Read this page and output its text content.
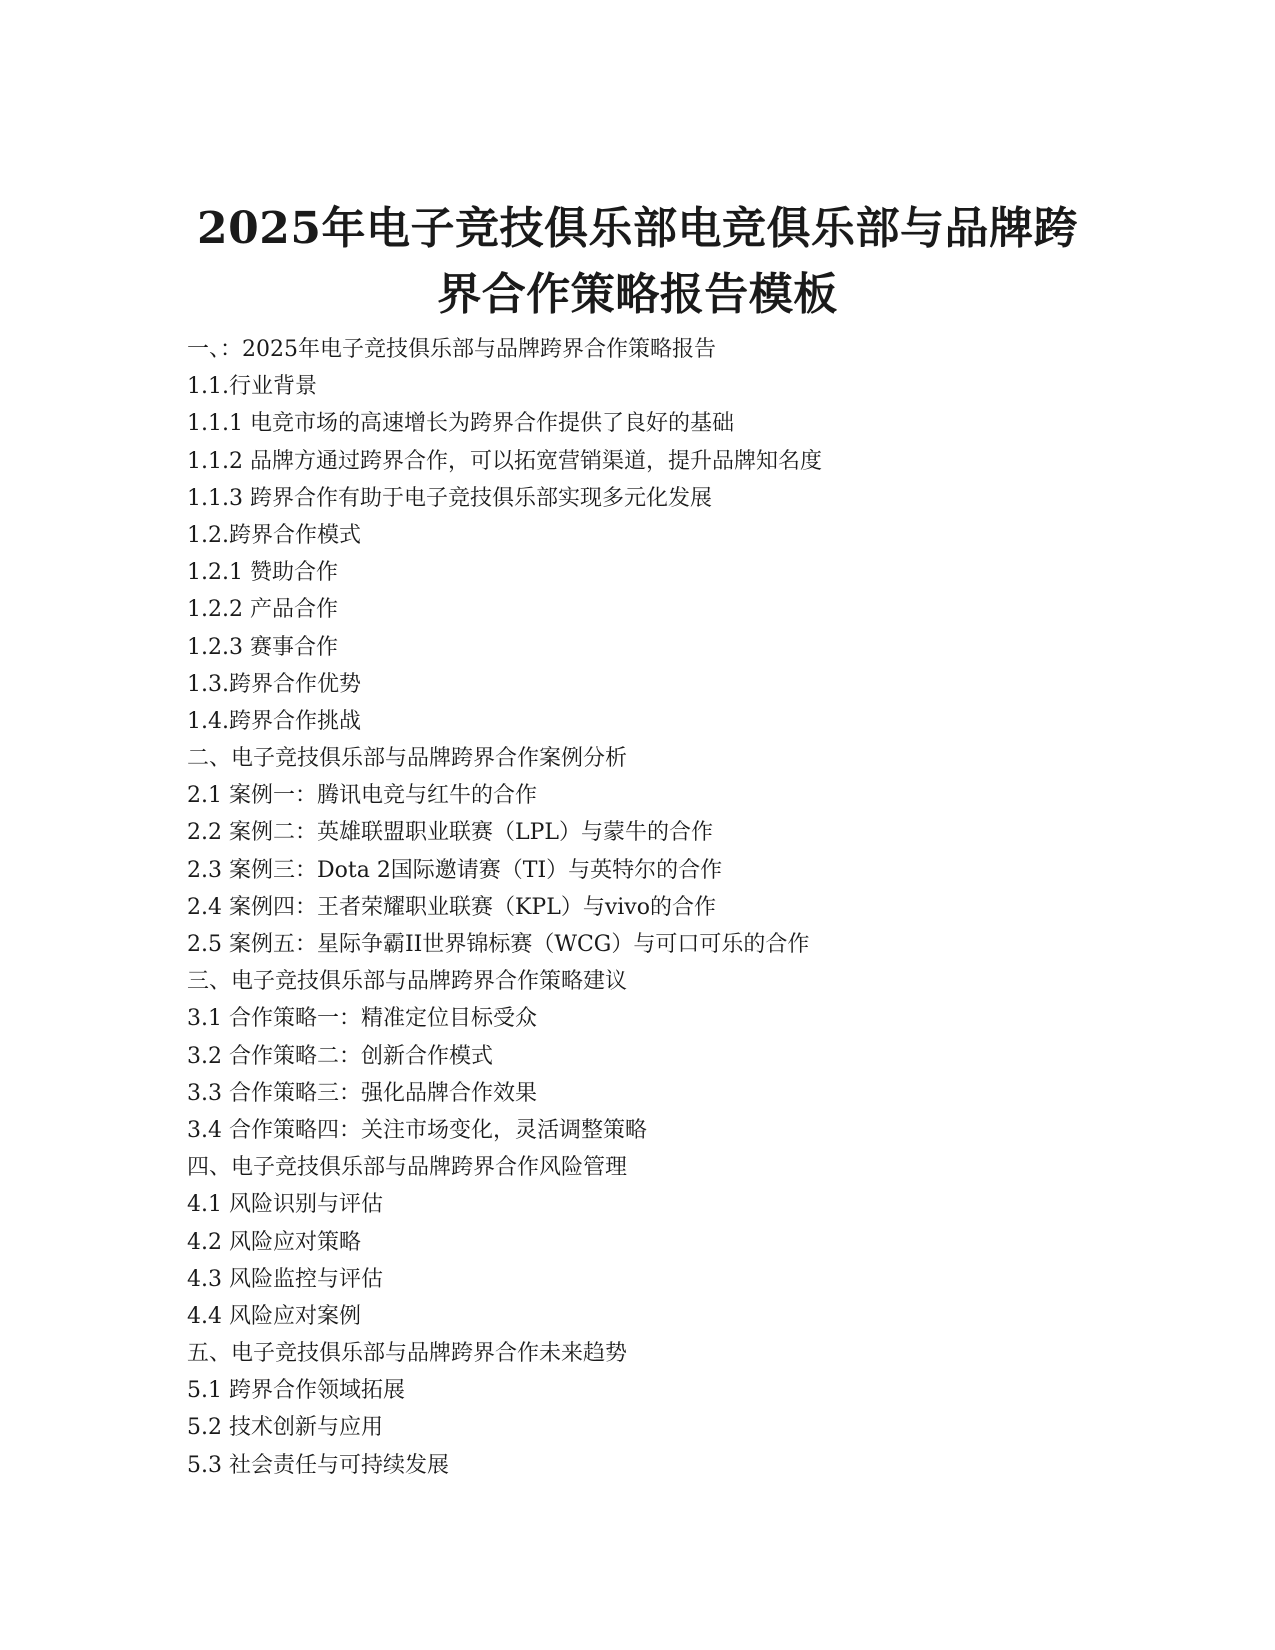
2025年电子竞技俱乐部电竞俱乐部与品牌跨
界合作策略报告模板
一、：2025年电子竞技俱乐部与品牌跨界合作策略报告
1.1.行业背景
1.1.1 电竞市场的高速增长为跨界合作提供了良好的基础
1.1.2 品牌方通过跨界合作，可以拓宽营销渠道，提升品牌知名度
1.1.3 跨界合作有助于电子竞技俱乐部实现多元化发展
1.2.跨界合作模式
1.2.1 赞助合作
1.2.2 产品合作
1.2.3 赛事合作
1.3.跨界合作优势
1.4.跨界合作挑战
二、电子竞技俱乐部与品牌跨界合作案例分析
2.1 案例一：腾讯电竞与红牛的合作
2.2 案例二：英雄联盟职业联赛（LPL）与蒙牛的合作
2.3 案例三：Dota 2国际邀请赛（TI）与英特尔的合作
2.4 案例四：王者荣耀职业联赛（KPL）与vivo的合作
2.5 案例五：星际争霸II世界锦标赛（WCG）与可口可乐的合作
三、电子竞技俱乐部与品牌跨界合作策略建议
3.1 合作策略一：精准定位目标受众
3.2 合作策略二：创新合作模式
3.3 合作策略三：强化品牌合作效果
3.4 合作策略四：关注市场变化，灵活调整策略
四、电子竞技俱乐部与品牌跨界合作风险管理
4.1 风险识别与评估
4.2 风险应对策略
4.3 风险监控与评估
4.4 风险应对案例
五、电子竞技俱乐部与品牌跨界合作未来趋势
5.1 跨界合作领域拓展
5.2 技术创新与应用
5.3 社会责任与可持续发展
